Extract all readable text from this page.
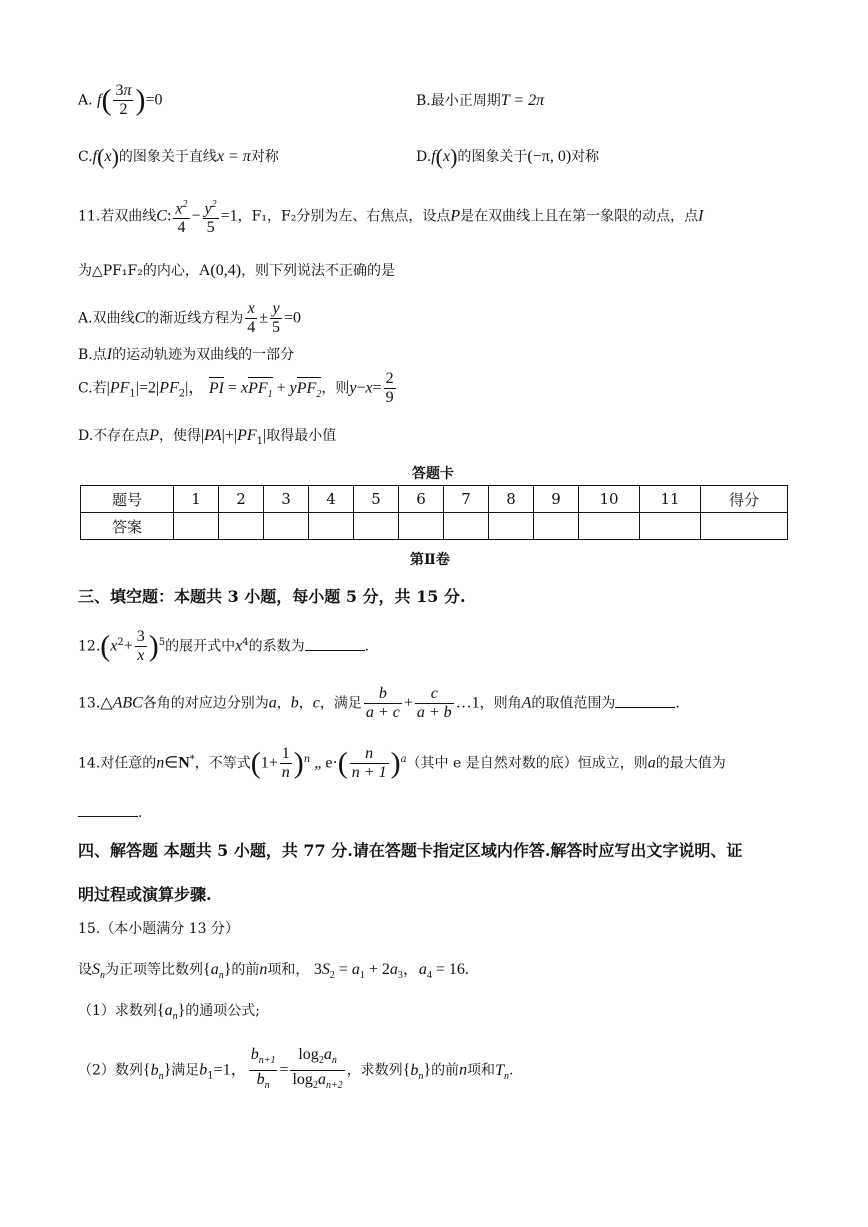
A. $f( \frac{3\pi}{2} )=0$	B.最小正周期T = 2π
C.f(x)的图象关于直线x = π对称	D.f(x)的图象关于(−π, 0)对称
11.若双曲线C: $\frac{x^2}{4} - \frac{y^2}{5} =1$，F₁，F₂分别为左、右焦点，设点P是在双曲线上且在第一象限的动点，点I
为△PF₁F₂的内心，A(0,4)，则下列说法不正确的是
A.双曲线C的渐近线方程为 $\frac{x}{4} \pm \frac{y}{5} =0$
B.点I的运动轨迹为双曲线的一部分
C.若$|PF_1|=2|PF_2|$， PI = xPF$_1$ + yPF$_2$，则$y-x= \frac{2}{9}$
D.不存在点P，使得$|PA|+|PF_1|$取得最小值
答题卡
题号	1	2	3	4	5	6	7	8	9	10	11	得分
答案												
第Ⅱ卷
三、填空题：本题共 3 小题，每小题 5 分，共 15 分.
$12.(x^2+ \frac{3}{x} )^5$的展开式中$x^4$的系数为	.
13.△ABC各角的对应边分别为a，b，c，满足 $\frac{b}{a + c} + \frac{c}{a + b}$ …1，则角A的取值范围为	.
14.对任意的n∈N*，不等式$(1+ \frac{1}{n} )^n$ „ $e\cdot( \frac{n}{n + 1} )^a$（其中 e 是自然对数的底）恒成立，则a的最大值为
.
四、解答题 本题共 5 小题，共 77 分.请在答题卡指定区域内作答.解答时应写出文字说明、证
明过程或演算步骤.
15.（本小题满分 13 分）
设$S_n$为正项等比数列$\{a_n\}$的前n项和， $3S_2 = a_1 + 2a_3$，$a_4 = 16$.
（1）求数列$\{a_n\}$的通项公式;
（2）数列$\{b_n\}$满足$b_1=1$， $\frac{b_{n+1}}{b_n} = \frac{\log_2a_n}{\log_2a_{n+2}}$ ，求数列$\{b_n\}$的前n项和$T_n$.
